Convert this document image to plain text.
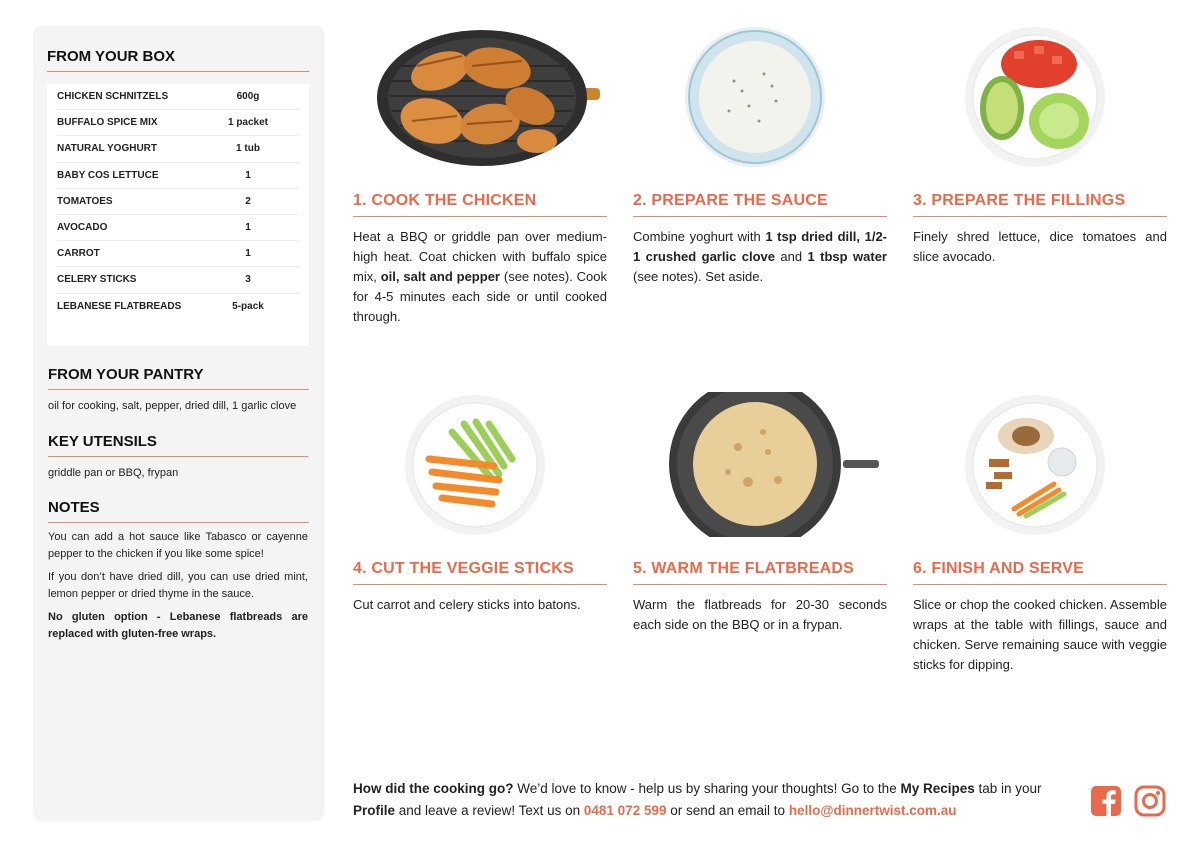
FROM YOUR BOX
CHICKEN SCHNITZELS	600g
BUFFALO SPICE MIX	1 packet
NATURAL YOGHURT	1 tub
BABY COS LETTUCE	1
TOMATOES	2
AVOCADO	1
CARROT	1
CELERY STICKS	3
LEBANESE FLATBREADS	5-pack
FROM YOUR PANTRY
oil for cooking, salt, pepper, dried dill, 1 garlic clove
KEY UTENSILS
griddle pan or BBQ, frypan
NOTES
You can add a hot sauce like Tabasco or cayenne pepper to the chicken if you like some spice!
If you don’t have dried dill, you can use dried mint, lemon pepper or dried thyme in the sauce.
No gluten option - Lebanese flatbreads are replaced with gluten-free wraps.
1. COOK THE CHICKEN
Heat a BBQ or griddle pan over medium-high heat. Coat chicken with buffalo spice mix, oil, salt and pepper (see notes). Cook for 4-5 minutes each side or until cooked through.
2. PREPARE THE SAUCE
Combine yoghurt with 1 tsp dried dill, 1/2-1 crushed garlic clove and 1 tbsp water (see notes). Set aside.
3. PREPARE THE FILLINGS
Finely shred lettuce, dice tomatoes and slice avocado.
4. CUT THE VEGGIE STICKS
Cut carrot and celery sticks into batons.
5. WARM THE FLATBREADS
Warm the flatbreads for 20-30 seconds each side on the BBQ or in a frypan.
6. FINISH AND SERVE
Slice or chop the cooked chicken. Assemble wraps at the table with fillings, sauce and chicken. Serve remaining sauce with veggie sticks for dipping.
How did the cooking go? We’d love to know - help us by sharing your thoughts! Go to the My Recipes tab in your Profile and leave a review! Text us on 0481 072 599 or send an email to hello@dinnertwist.com.au
